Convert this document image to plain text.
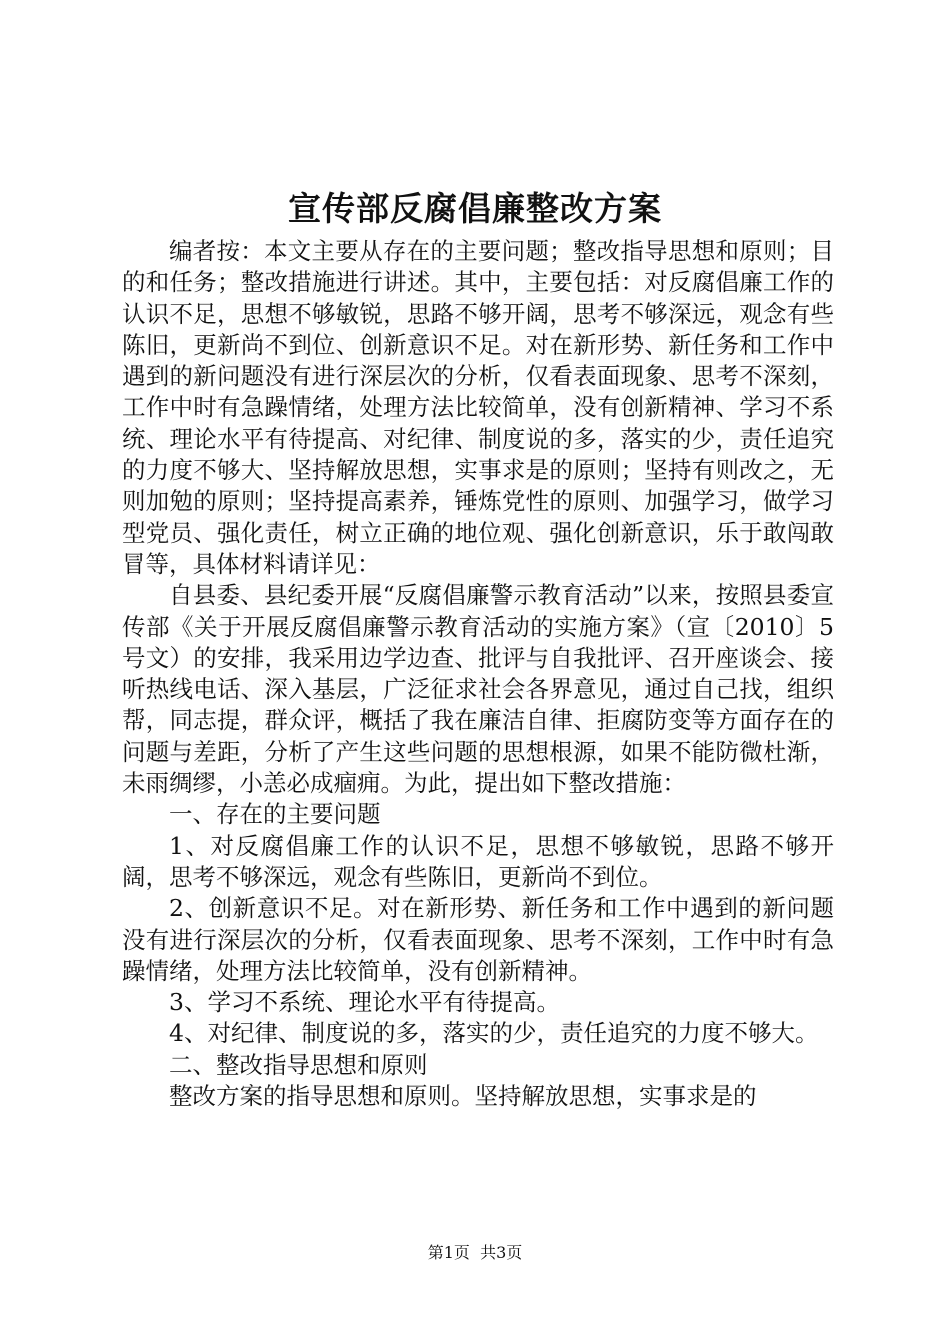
宣传部反腐倡廉整改方案

编者按：本文主要从存在的主要问题；整改指导思想和原则；目的和任务；整改措施进行讲述。其中，主要包括：对反腐倡廉工作的认识不足，思想不够敏锐，思路不够开阔，思考不够深远，观念有些陈旧，更新尚不到位、创新意识不足。对在新形势、新任务和工作中遇到的新问题没有进行深层次的分析，仅看表面现象、思考不深刻，工作中时有急躁情绪，处理方法比较简单，没有创新精神、学习不系统、理论水平有待提高、对纪律、制度说的多，落实的少，责任追究的力度不够大、坚持解放思想，实事求是的原则；坚持有则改之，无则加勉的原则；坚持提高素养，锤炼党性的原则、加强学习，做学习型党员、强化责任，树立正确的地位观、强化创新意识，乐于敢闯敢冒等，具体材料请详见：

自县委、县纪委开展“反腐倡廉警示教育活动”以来，按照县委宣传部《关于开展反腐倡廉警示教育活动的实施方案》（宣〔2010〕5号文）的安排，我采用边学边查、批评与自我批评、召开座谈会、接听热线电话、深入基层，广泛征求社会各界意见，通过自己找，组织帮，同志提，群众评，概括了我在廉洁自律、拒腐防变等方面存在的问题与差距，分析了产生这些问题的思想根源，如果不能防微杜渐，未雨绸缪，小恙必成痼痈。为此，提出如下整改措施：

一、存在的主要问题

1、对反腐倡廉工作的认识不足，思想不够敏锐，思路不够开阔，思考不够深远，观念有些陈旧，更新尚不到位。

2、创新意识不足。对在新形势、新任务和工作中遇到的新问题没有进行深层次的分析，仅看表面现象、思考不深刻，工作中时有急躁情绪，处理方法比较简单，没有创新精神。

3、学习不系统、理论水平有待提高。

4、对纪律、制度说的多，落实的少，责任追究的力度不够大。

二、整改指导思想和原则

整改方案的指导思想和原则。坚持解放思想，实事求是的

第1页  共3页
